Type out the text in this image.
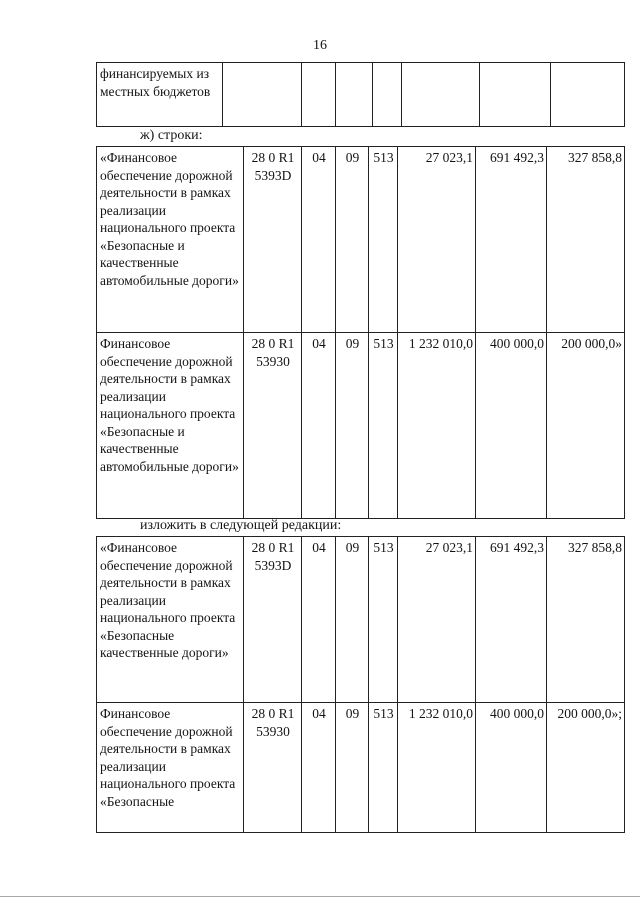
16
финансируемых из местных бюджетов							
ж) строки:
«Финансовое обеспечение дорожной деятельности в рамках реализации национального проекта «Безопасные и качественные автомобильные дороги»	28 0 R1 5393D	04	09	513	27 023,1	691 492,3	327 858,8
Финансовое обеспечение дорожной деятельности в рамках реализации национального проекта «Безопасные и качественные автомобильные дороги»	28 0 R1 53930	04	09	513	1 232 010,0	400 000,0	200 000,0»
изложить в следующей редакции:
«Финансовое обеспечение дорожной деятельности в рамках реализации национального проекта «Безопасные качественные дороги»	28 0 R1 5393D	04	09	513	27 023,1	691 492,3	327 858,8
Финансовое обеспечение дорожной деятельности в рамках реализации национального проекта «Безопасные	28 0 R1 53930	04	09	513	1 232 010,0	400 000,0	200 000,0»;
